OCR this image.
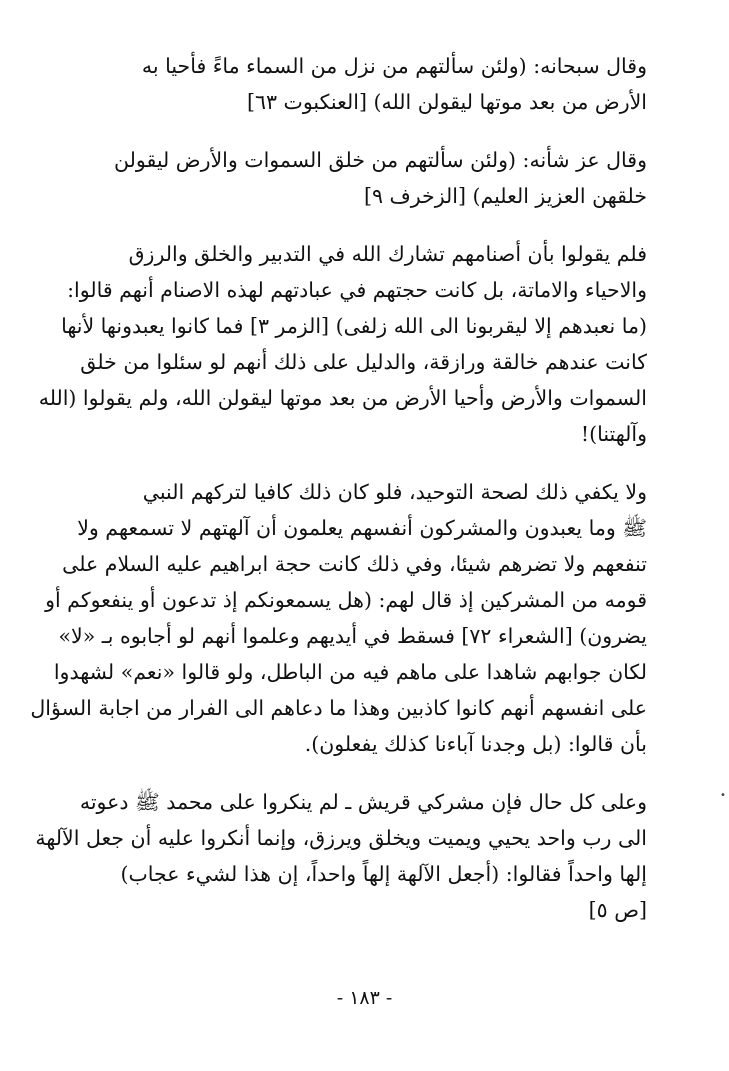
وقال سبحانه: (ولئن سألتهم من نزل من السماء ماءً فأحيا به
الأرض من بعد موتها ليقولن الله) [العنكبوت ٦٣]

وقال عز شأنه: (ولئن سألتهم من خلق السموات والأرض ليقولن
خلقهن العزيز العليم) [الزخرف ٩]

فلم يقولوا بأن أصنامهم تشارك الله في التدبير والخلق والرزق
والاحياء والاماتة، بل كانت حجتهم في عبادتهم لهذه الاصنام أنهم قالوا:
(ما نعبدهم إلا ليقربونا الى الله زلفى) [الزمر ٣] فما كانوا يعبدونها لأنها
كانت عندهم خالقة ورازقة، والدليل على ذلك أنهم لو سئلوا من خلق
السموات والأرض وأحيا الأرض من بعد موتها ليقولن الله، ولم يقولوا (الله
وآلهتنا)!

ولا يكفي ذلك لصحة التوحيد، فلو كان ذلك كافيا لتركهم النبي
ﷺ وما يعبدون والمشركون أنفسهم يعلمون أن آلهتهم لا تسمعهم ولا
تنفعهم ولا تضرهم شيئا، وفي ذلك كانت حجة ابراهيم عليه السلام على
قومه من المشركين إذ قال لهم: (هل يسمعونكم إذ تدعون أو ينفعوكم أو
يضرون) [الشعراء ٧٢] فسقط في أيديهم وعلموا أنهم لو أجابوه بـ «لا»
لكان جوابهم شاهدا على ماهم فيه من الباطل، ولو قالوا «نعم» لشهدوا
على انفسهم أنهم كانوا كاذبين وهذا ما دعاهم الى الفرار من اجابة السؤال
بأن قالوا: (بل وجدنا آباءنا كذلك يفعلون).

وعلى كل حال فإن مشركي قريش ـ لم ينكروا على محمد ﷺ دعوته
الى رب واحد يحيي ويميت ويخلق ويرزق، وإنما أنكروا عليه أن جعل الآلهة
إلها واحداً فقالوا: (أجعل الآلهة إلهاً واحداً، إن هذا لشيء عجاب)
[ص ٥]

•
- ١٨٣ -
